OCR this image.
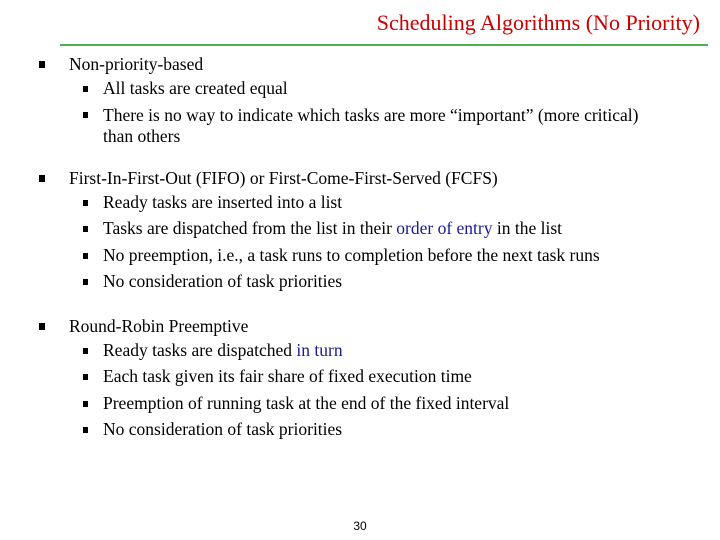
Scheduling Algorithms (No Priority)
Non-priority-based
All tasks are created equal
There is no way to indicate which tasks are more “important” (more critical) than others
First-In-First-Out (FIFO) or First-Come-First-Served (FCFS)
Ready tasks are inserted into a list
Tasks are dispatched from the list in their order of entry in the list
No preemption, i.e., a task runs to completion before the next task runs
No consideration of task priorities
Round-Robin Preemptive
Ready tasks are dispatched in turn
Each task given its fair share of fixed execution time
Preemption of running task at the end of the fixed interval
No consideration of task priorities
30
